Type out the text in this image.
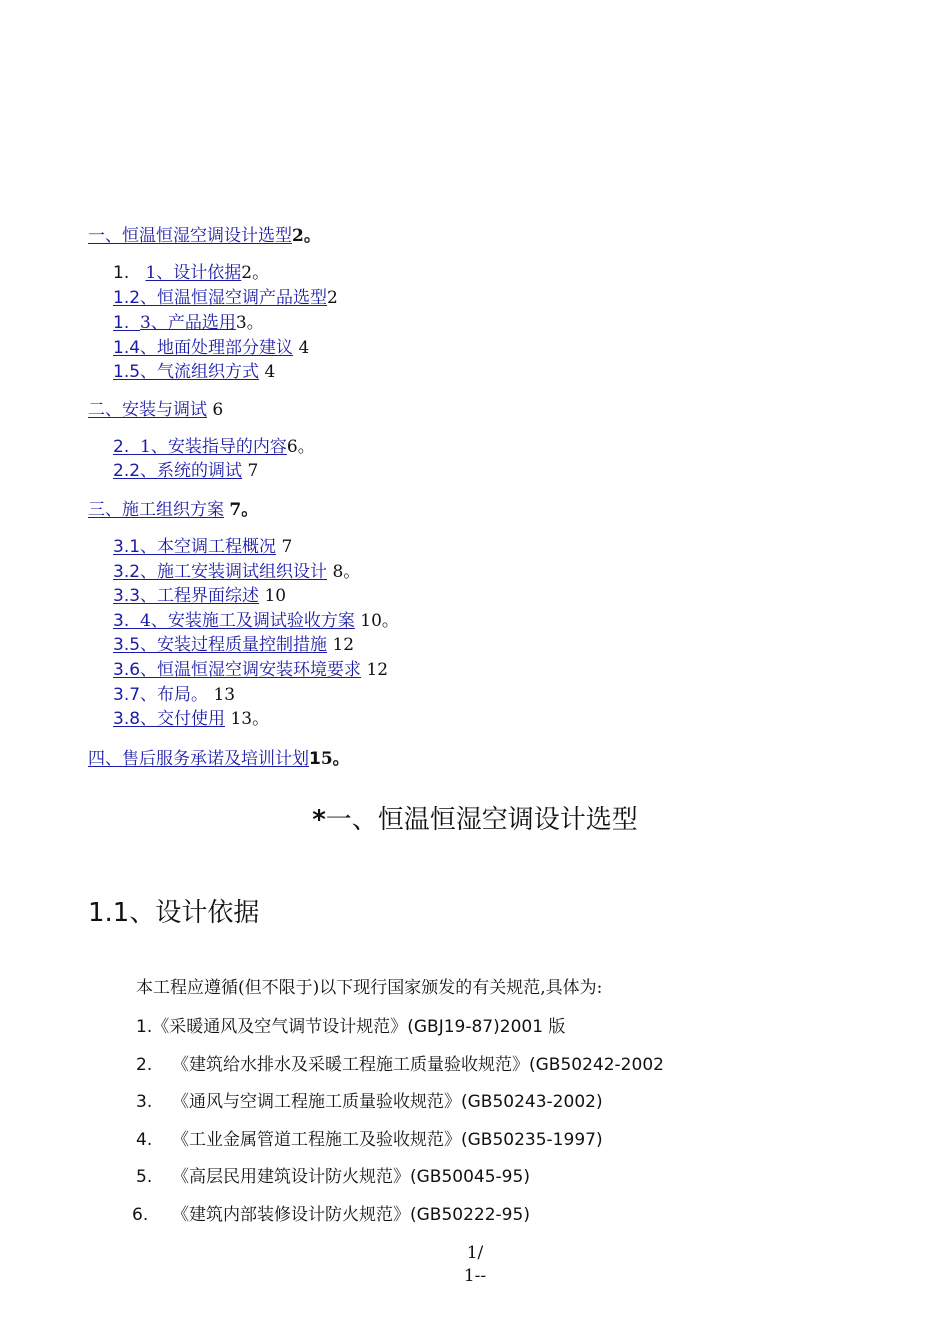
一、恒温恒湿空调设计选型2。
1. 1、设计依据2。
1.2、恒温恒湿空调产品选型2
1. 3、产品选用3。
1.4、地面处理部分建议 4
1.5、气流组织方式 4
二、安装与调试 6
2. 1、安装指导的内容6。
2.2、系统的调试 7
三、施工组织方案 7。
3.1、本空调工程概况 7
3.2、施工安装调试组织设计 8。
3.3、工程界面综述 10
3. 4、安装施工及调试验收方案 10。
3.5、安装过程质量控制措施 12
3.6、恒温恒湿空调安装环境要求 12
3.7、布局。 13
3.8、交付使用 13。
四、售后服务承诺及培训计划15。
*一、恒温恒湿空调设计选型
1.1、设计依据
本工程应遵循(但不限于)以下现行国家颁发的有关规范,具体为:
1.《采暖通风及空气调节设计规范》(GBJ19-87)2001 版
2. 《建筑给水排水及采暖工程施工质量验收规范》(GB50242-2002
3. 《通风与空调工程施工质量验收规范》(GB50243-2002)
4. 《工业金属管道工程施工及验收规范》(GB50235-1997)
5. 《高层民用建筑设计防火规范》(GB50045-95)
6. 《建筑内部装修设计防火规范》(GB50222-95)
1/
1--
